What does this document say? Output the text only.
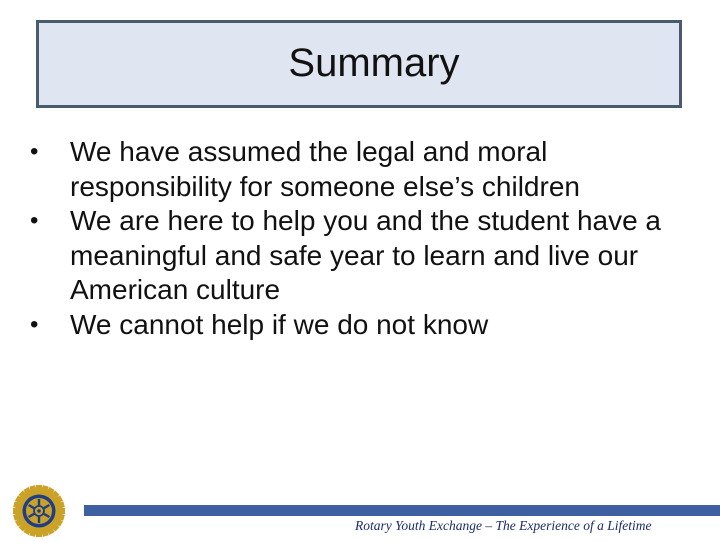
Summary
•	We have assumed the legal and moral responsibility for someone else’s children
•	We are here to help you and the student have a meaningful and safe year to learn and live our American culture
•	We cannot help if we do not know
Rotary Youth Exchange – The Experience of a Lifetime
